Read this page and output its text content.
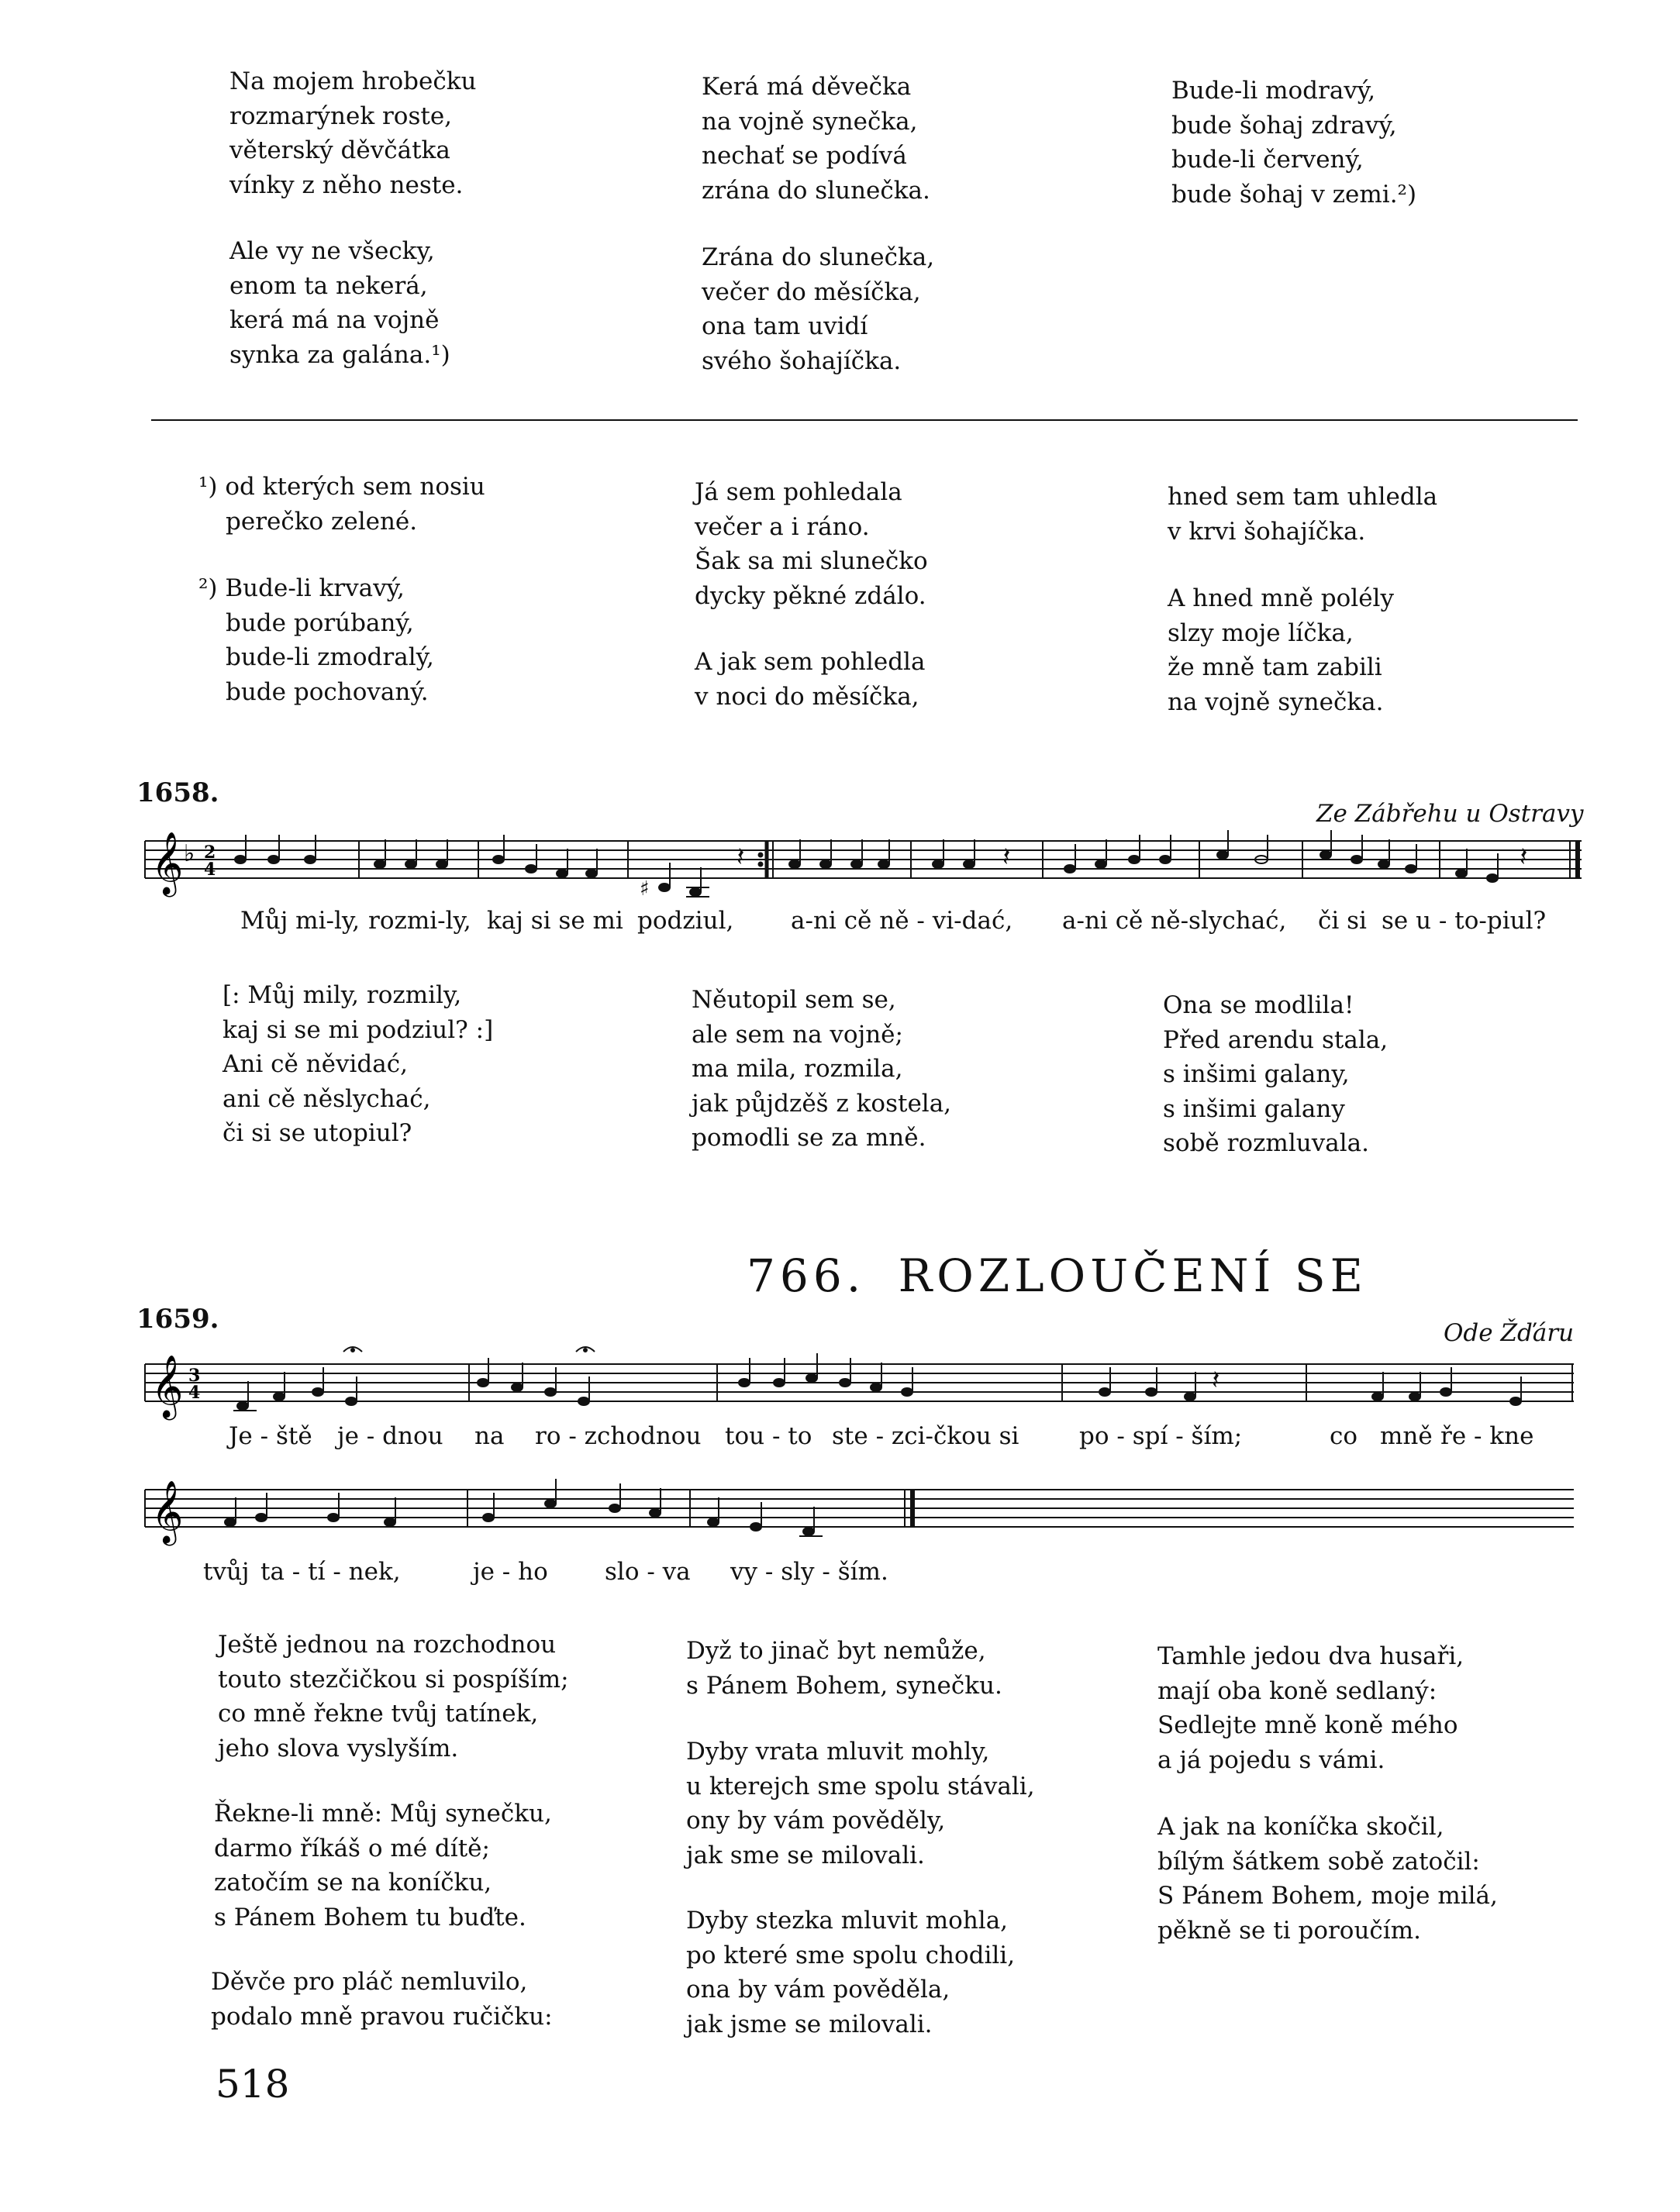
Na mojem hrobečku
rozmarýnek roste,
věterský děvčátka
vínky z něho neste.
Ale vy ne všecky,
enom ta nekerá,
kerá má na vojně
synka za galána.¹)
Kerá má děvečka
na vojně synečka,
nechať se podívá
zrána do slunečka.
Zrána do slunečka,
večer do měsíčka,
ona tam uvidí
svého šohajíčka.
Bude-li modravý,
bude šohaj zdravý,
bude-li červený,
bude šohaj v zemi.²)
¹) od kterých sem nosiu
perečko zelené.
²) Bude-li krvavý,
bude porúbaný,
bude-li zmodralý,
bude pochovaný.
Já sem pohledala
večer a i ráno.
Šak sa mi slunečko
dycky pěkné zdálo.
A jak sem pohledla
v noci do měsíčka,
hned sem tam uhledla
v krvi šohajíčka.
A hned mně polély
slzy moje líčka,
že mně tam zabili
na vojně synečka.
1658.
Ze Zábřehu u Ostravy
𝄞 ♭ 2
4
♯
𝄽	𝄽	𝄽
Můj mi-ly, rozmi-ly, kaj si se mi podziul, a-ni cě ně - vi-dać, a-ni cě ně-slychać, či si se u - to-piul?
[: Můj mily, rozmily,
kaj si se mi podziul? :]
Ani cě něvidać,
ani cě něslychać,
či si se utopiul?
Něutopil sem se,
ale sem na vojně;
ma mila, rozmila,
jak půjdzěš z kostela,
pomodli se za mně.
Ona se modlila!
Před arendu stala,
s inšimi galany,
s inšimi galany
sobě rozmluvala.
766. ROZLOUČENÍ SE
1659.	Ode Žďáru
𝄞 3
4	𝄽
Je - ště je - dnou na ro - zchodnou tou - to ste - zci-čkou si	po - spí - ším;	co mně ře - kne
𝄞
tvůj ta - tí - nek,	je - ho slo - va vy - sly - ším.
Ještě jednou na rozchodnou
touto stezčičkou si pospíším;
co mně řekne tvůj tatínek,
jeho slova vyslyším.
Řekne-li mně: Můj synečku,
darmo říkáš o mé dítě;
zatočím se na koníčku,
s Pánem Bohem tu buďte.
Děvče pro pláč nemluvilo,
podalo mně pravou ručičku:
Dyž to jinač byt nemůže,
s Pánem Bohem, synečku.
Dyby vrata mluvit mohly,
u kterejch sme spolu stávali,
ony by vám pověděly,
jak sme se milovali.
Dyby stezka mluvit mohla,
po které sme spolu chodili,
ona by vám pověděla,
jak jsme se milovali.
Tamhle jedou dva husaři,
mají oba koně sedlaný:
Sedlejte mně koně mého
a já pojedu s vámi.
A jak na koníčka skočil,
bílým šátkem sobě zatočil:
S Pánem Bohem, moje milá,
pěkně se ti poroučím.
518
